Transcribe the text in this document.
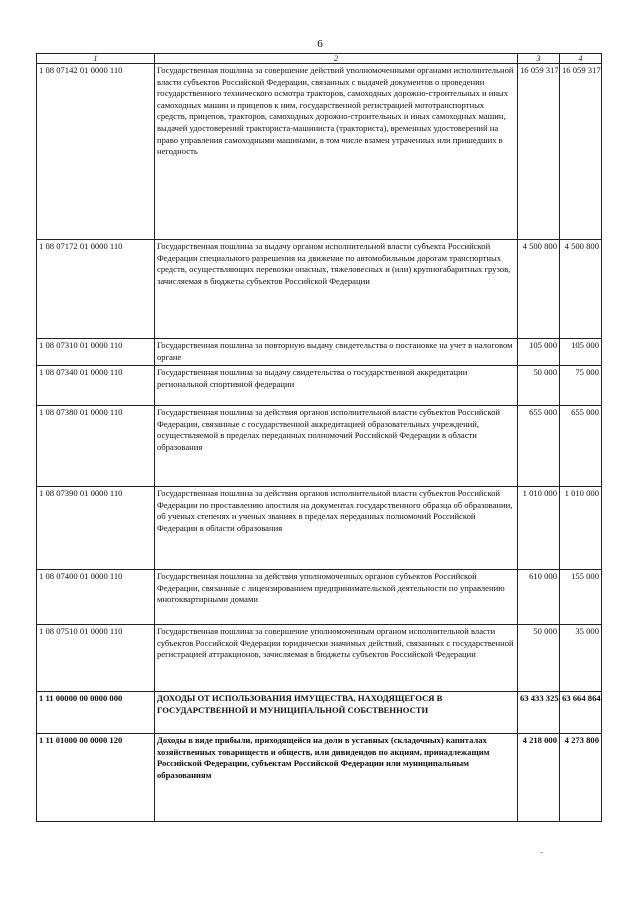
6
1	2	3	4
1 08 07142 01 0000 110	Государственная пошлина за совершение действий уполномоченными органами исполнительной власти субъектов Российской Федерации, связанных с выдачей документов о проведении государственного технического осмотра тракторов, самоходных дорожно-строительных и иных самоходных машин и прицепов к ним, государственной регистрацией мототранспортных средств, прицепов, тракторов, самоходных дорожно-строительных и иных самоходных машин, выдачей удостоверений тракториста-машиниста (тракториста), временных удостоверений на право управления самоходными машинами, в том числе взамен утраченных или пришедших в негодность	16 059 317	16 059 317
1 08 07172 01 0000 110	Государственная пошлина за выдачу органом исполнительной власти субъекта Российской Федерации специального разрешения на движение по автомобильным дорогам транспортных средств, осуществляющих перевозки опасных, тяжеловесных и (или) крупногабаритных грузов, зачисляемая в бюджеты субъектов Российской Федерации	4 500 800	4 500 800
1 08 07310 01 0000 110	Государственная пошлина за повторную выдачу свидетельства о постановке на учет в налоговом органе	105 000	105 000
1 08 07340 01 0000 110	Государственная пошлина за выдачу свидетельства о государственной аккредитации региональной спортивной федерации	50 000	75 000
1 08 07380 01 0000 110	Государственная пошлина за действия органов исполнительной власти субъектов Российской Федерации, связанные с государственной аккредитацией образовательных учреждений, осуществляемой в пределах переданных полномочий Российской Федерации в области образования	655 000	655 000
1 08 07390 01 0000 110	Государственная пошлина за действия органов исполнительной власти субъектов Российской Федерации по проставлению апостиля на документах государственного образца об образовании, об ученых степенях и ученых званиях в пределах переданных полномочий Российской Федерации в области образования	1 010 000	1 010 000
1 08 07400 01 0000 110	Государственная пошлина за действия уполномоченных органов субъектов Российской Федерации, связанные с лицензированием предпринимательской деятельности по управлению многоквартирными домами	610 000	155 000
1 08 07510 01 0000 110	Государственная пошлина за совершение уполномоченным органом исполнительной власти субъектов Российской Федерации юридически значимых действий, связанных с государственной регистрацией аттракционов, зачисляемая в бюджеты субъектов Российской Федерации	50 000	35 000
1 11 00000 00 0000 000	ДОХОДЫ ОТ ИСПОЛЬЗОВАНИЯ ИМУЩЕСТВА, НАХОДЯЩЕГОСЯ В ГОСУДАРСТВЕННОЙ И МУНИЦИПАЛЬНОЙ СОБСТВЕННОСТИ	63 433 325	63 664 864
1 11 01000 00 0000 120	Доходы в виде прибыли, приходящейся на доли в уставных (складочных) капиталах хозяйственных товариществ и обществ, или дивидендов по акциям, принадлежащим Российской Федерации, субъектам Российской Федерации или муниципальным образованиям	4 218 000	4 273 800
